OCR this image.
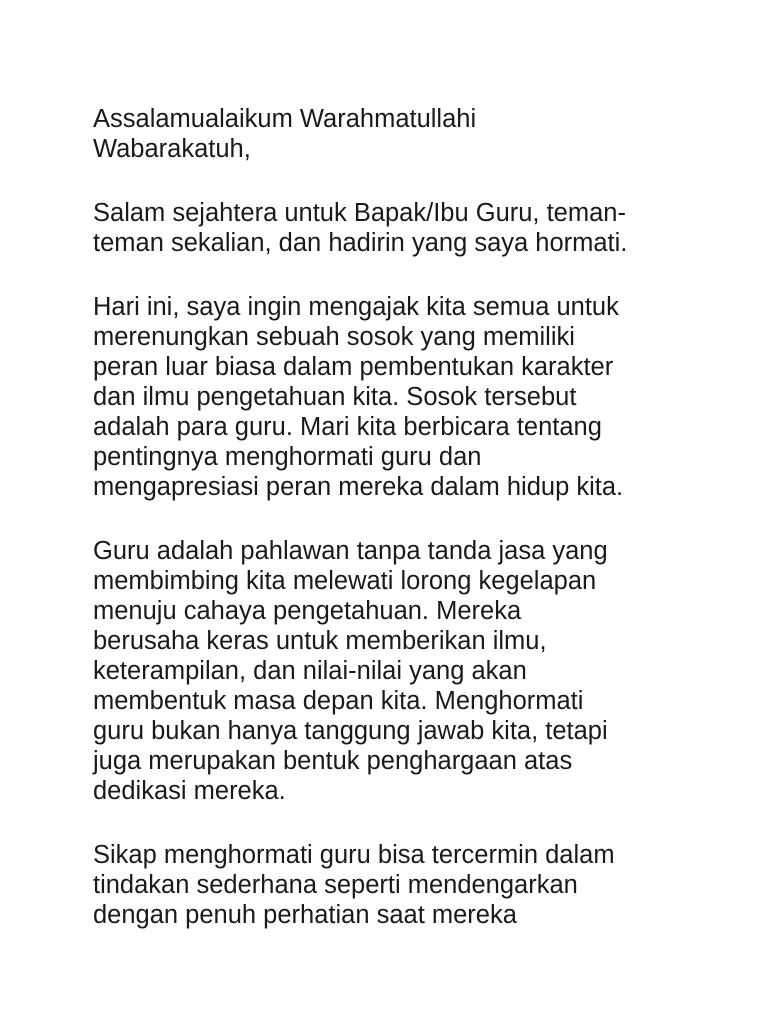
Assalamualaikum Warahmatullahi
Wabarakatuh,

Salam sejahtera untuk Bapak/Ibu Guru, teman-
teman sekalian, dan hadirin yang saya hormati.

Hari ini, saya ingin mengajak kita semua untuk
merenungkan sebuah sosok yang memiliki
peran luar biasa dalam pembentukan karakter
dan ilmu pengetahuan kita. Sosok tersebut
adalah para guru. Mari kita berbicara tentang
pentingnya menghormati guru dan
mengapresiasi peran mereka dalam hidup kita.

Guru adalah pahlawan tanpa tanda jasa yang
membimbing kita melewati lorong kegelapan
menuju cahaya pengetahuan. Mereka
berusaha keras untuk memberikan ilmu,
keterampilan, dan nilai-nilai yang akan
membentuk masa depan kita. Menghormati
guru bukan hanya tanggung jawab kita, tetapi
juga merupakan bentuk penghargaan atas
dedikasi mereka.

Sikap menghormati guru bisa tercermin dalam
tindakan sederhana seperti mendengarkan
dengan penuh perhatian saat mereka
